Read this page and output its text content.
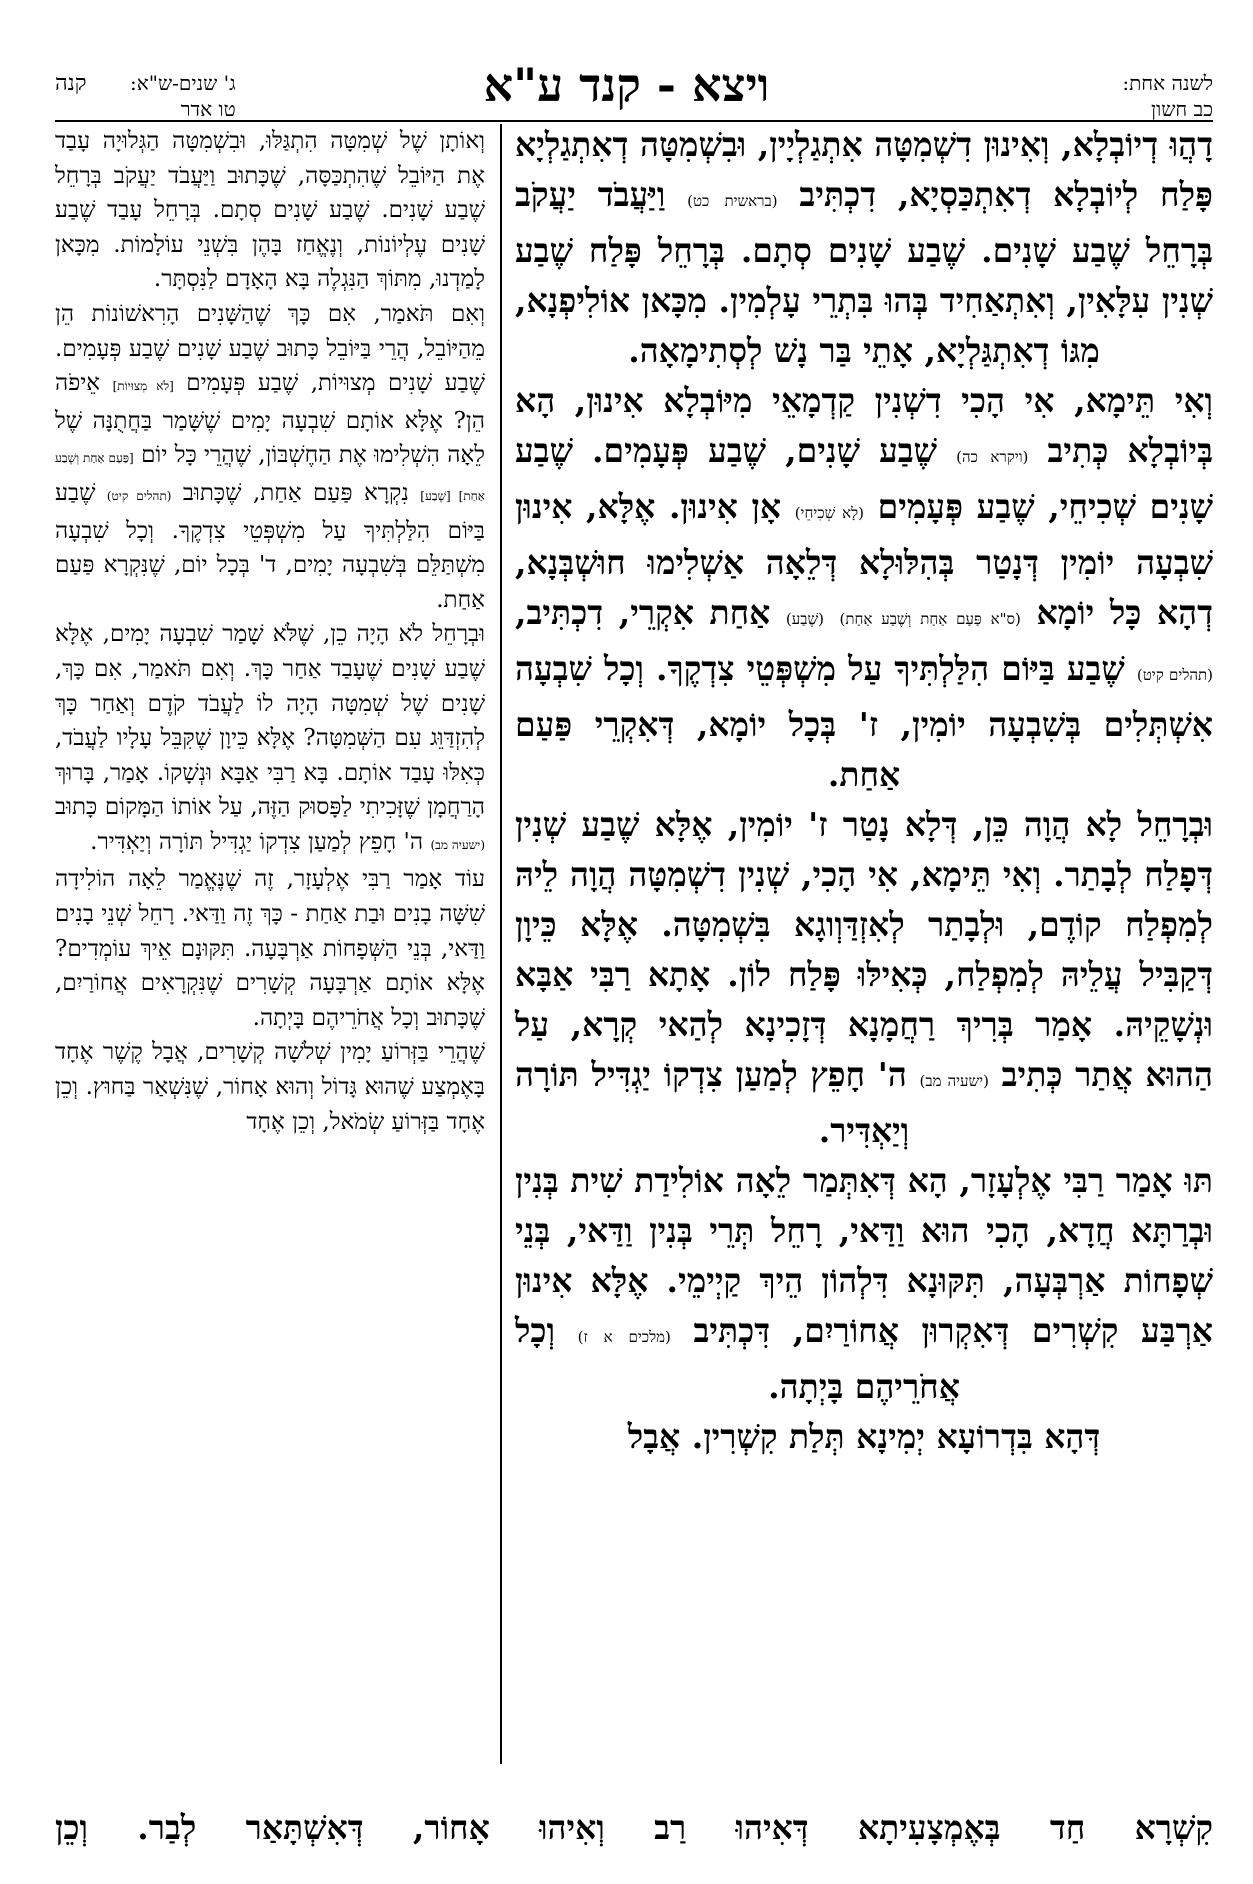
לשנה אחת:
כב חשון
ויצא - קנד ע"א
ג' שנים-ש"א:
טו אדר
קנה

דָהֲוּ דְיוֹבְלָא, וְאִינוּן דִשְׁמִטָּה אִתְגַלְיָין, וּבִשְׁמִטָּה דְאִתְגַלְיָא פָּלַח לְיוֹבְלָא דְאִתְכַּסְיָא, דִכְתִּיב (בראשית כט) וַיַּעֲבֹד יַעֲקֹב בְּרָחֵל שֶׁבַע שָׁנִים. שֶׁבַע שָׁנִים סְתָם. בְּרָחֵל פָּלַח שֶׁבַע שְׁנִין עִלָּאִין, וְאִתְאַחִיד בְּהוּ בִּתְרֵי עָלְמִין. מִכָּאן אוֹלִיפְנָא, מִגּוֹ דְאִתְגַּלְיָא, אָתֵי בַּר נָשׁ לְסְתִימָאָה.

וְאִי תֵּימָא, אִי הָכִי דִשְׁנִין קַדְמָאֵי מִיּוֹבְלָא אִינוּן, הָא בְּיוֹבְלָא כְּתִיב (ויקרא כה) שֶׁבַע שָׁנִים, שֶׁבַע פְּעָמִים. שֶׁבַע שָׁנִים שְׁכִיחֵי, שֶׁבַע פְּעָמִים (לָא שְׁכִיחֵי) אָן אִינוּן. אֶלָּא, אִינוּן שִׁבְעָה יוֹמִין דְּנָטַר בְּהִלּוּלָא דְּלֵאָה אַשְׁלִימוּ חוּשְׁבְּנָא, דְהָא כָּל יוֹמָא (ס"א פַּעַם אַחַת וְשֶׁבַע אַחַת) (שֶׁבַע) אַחַת אִקְרֵי, דִכְתִּיב, (תהלים קיט) שֶׁבַע בַּיּוֹם הִלַּלְתִּיךָ עַל מִשְׁפְּטֵי צִדְקֶךָ. וְכָל שִׁבְעָה אִשְׁתְּלִים בְּשִׁבְעָה יוֹמִין, ז' בְּכָל יוֹמָא, דְּאִקְרֵי פַּעַם אַחַת.

וּבְרָחֵל לָא הֲוָה כֵּן, דְּלָא נָטַר ז' יוֹמִין, אֶלָּא שֶׁבַע שְׁנִין דְּפָלַח לְבָתַר. וְאִי תֵּימָא, אִי הָכִי, שְׁנִין דִשְׁמִטָּה הֲוָה לֵיהּ לְמִפְלַח קוֹדֶם, וּלְבָתַר לְאִזְדַּוְוגָא בִּשְׁמִטָּה. אֶלָּא כֵּיוָן דְּקַבִּיל עֲלֵיהּ לְמִפְלַח, כְּאִילּוּ פָּלַח לוֹן. אָתָא רַבִּי אַבָּא וּנְשָׁקֵיהּ. אָמַר בְּרִיךְ רַחֲמָנָא דְּזָכִינָא לְהַאי קְרָא, עַל הַהוּא אֲתַר כְּתִיב (ישעיה מב) ה' חָפֵץ לְמַעַן צִדְקוֹ יַגְדִּיל תּוֹרָה וְיַאְדִּיר.

תּוּ אָמַר רַבִּי אֶלְעָזָר, הָא דְּאִתְּמַר לֵאָה אוֹלִידַת שִׁית בְּנִין וּבְרַתָּא חֲדָא, הָכִי הוּא וַדַּאי, רָחֵל תְּרֵי בְּנִין וַדַּאי, בְּנֵי שְׁפָחוֹת אַרְבְּעָה, תִּקּוּנָא דִּלְהוֹן הֵיךְ קַיְימֵי. אֶלָּא אִינוּן אַרְבַּע קִשְׁרִים דְּאִקְרוּן אֲחוֹרַיִם, דִּכְתִּיב (מלכים א ז) וְכָל אֲחֹרֵיהֶם בָּיְתָה.

דְּהָא בִּדְרוֹעָא יְמִינָא תְּלַת קִשְׁרִין. אֲבָל

וְאוֹתָן שֶׁל שְׁמִטָּה הִתְגַּלּוּ, וּבִשְׁמִטָּה הַגְּלוּיָה עָבַד אֶת הַיּוֹבֵל שֶׁהִתְכַּסָּה, שֶׁכָּתוּב וַיַּעֲבֹד יַעֲקֹב בְּרָחֵל שֶׁבַע שָׁנִים. שֶׁבַע שָׁנִים סְתָם. בְּרָחֵל עָבַד שֶׁבַע שָׁנִים עֶלְיוֹנוֹת, וְנֶאֱחַז בָּהֶן בִּשְׁנֵי עוֹלָמוֹת. מִכָּאן לָמַדְנוּ, מִתּוֹךְ הַנִּגְלֶה בָּא הָאָדָם לַנִּסְתָּר.

וְאִם תֹּאמַר, אִם כָּךְ שֶׁהַשָּׁנִים הָרִאשׁוֹנוֹת הֵן מֵהַיּוֹבֵל, הֲרֵי בַּיּוֹבֵל כָּתוּב שֶׁבַע שָׁנִים שֶׁבַע פְּעָמִים. שֶׁבַע שָׁנִים מְצוּיוֹת, שֶׁבַע פְּעָמִים [לֹא מְצוּיוֹת] אֵיפֹה הֵן? אֶלָּא אוֹתָם שִׁבְעָה יָמִים שֶׁשָּׁמַר בַּחֲתֻנָּה שֶׁל לֵאָה הִשְׁלִימוּ אֶת הַחֶשְׁבּוֹן, שֶׁהֲרֵי כָּל יוֹם [פַּעַם אַחַת וְשֶׁבַע אַחַת] [שֶׁבַע] נִקְרָא פַּעַם אַחַת, שֶׁכָּתוּב (תהלים קיט) שֶׁבַע בַּיּוֹם הִלַּלְתִּיךָ עַל מִשְׁפְּטֵי צִדְקֶךָ. וְכָל שִׁבְעָה מִשְׁתַּלֵּם בְּשִׁבְעָה יָמִים, ד' בְּכָל יוֹם, שֶׁנִּקְרָא פַּעַם אַחַת.

וּבְרָחֵל לֹא הָיָה כֵן, שֶׁלֹּא שָׁמַר שִׁבְעָה יָמִים, אֶלָּא שֶׁבַע שָׁנִים שֶׁעָבַד אַחַר כָּךְ. וְאִם תֹּאמַר, אִם כָּךְ, שָׁנִים שֶׁל שְׁמִטָּה הָיָה לוֹ לַעֲבֹד קֹדֶם וְאַחַר כָּךְ לְהִזְדַּוֵּג עִם הַשְּׁמִטָּה? אֶלָּא כֵּיוָן שֶׁקִּבֵּל עָלָיו לַעֲבֹד, כְּאִלּוּ עָבַד אוֹתָם. בָּא רַבִּי אַבָּא וּנְשָׁקוֹ. אָמַר, בָּרוּךְ הָרַחֲמָן שֶׁזָּכִיתִי לַפָּסוּק הַזֶּה, עַל אוֹתוֹ הַמָּקוֹם כָּתוּב (ישעיה מב) ה' חָפֵץ לְמַעַן צִדְקוֹ יַגְדִּיל תּוֹרָה וְיַאְדִּיר.

עוֹד אָמַר רַבִּי אֶלְעָזָר, זֶה שֶׁנֶּאֱמַר לֵאָה הוֹלִידָה שִׁשָּׁה בָנִים וּבַת אַחַת - כָּךְ זֶה וַדַּאי. רָחֵל שְׁנֵי בָנִים וַדַּאי, בְּנֵי הַשְּׁפָחוֹת אַרְבָּעָה. תִּקּוּנָם אֵיךְ עוֹמְדִים? אֶלָּא אוֹתָם אַרְבָּעָה קְשָׁרִים שֶׁנִּקְרָאִים אֲחוֹרַיִם, שֶׁכָּתוּב וְכָל אֲחֹרֵיהֶם בָּיְתָה.

שֶׁהֲרֵי בַּזְּרוֹעַ יָמִין שְׁלֹשָׁה קְשָׁרִים, אֲבָל קֶשֶׁר אֶחָד בָּאֶמְצַע שֶׁהוּא גָּדוֹל וְהוּא אָחוֹר, שֶׁנִּשְׁאַר בַּחוּץ. וְכֵן אֶחָד בַּזְּרוֹעַ שְׂמֹאל, וְכֵן אֶחָד

קִשְׁרָא חַד בְּאֶמְצָעִיתָא דְּאִיהוּ רַב וְאִיהוּ אָחוֹר, דְּאִשְׁתָּאַר לְבַר. וְכֵן
